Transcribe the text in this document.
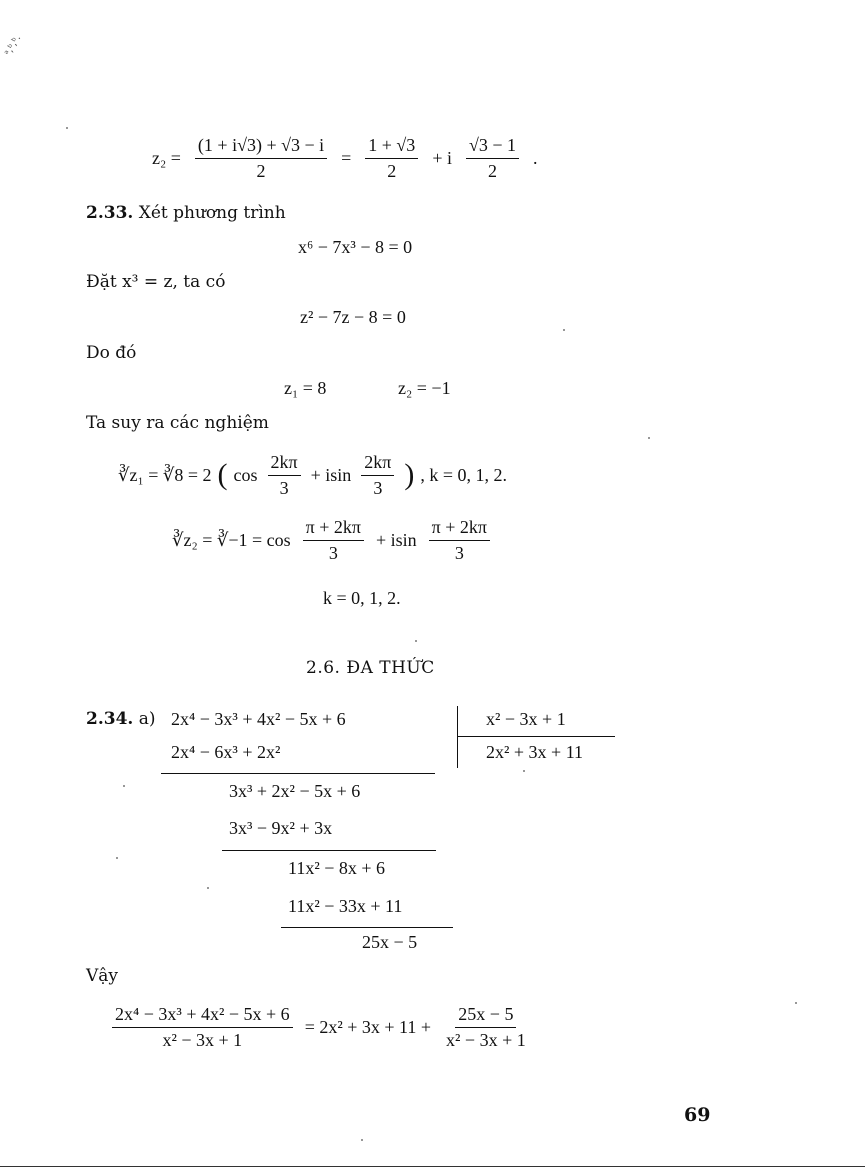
ᵃ,ᵇ,ᵇ.
$z_2 = \frac{(1 + i√3) + √3 - i}{2} = \frac{1 + √3}{2} + i \frac{√3 - 1}{2}$ .
2.33. Xét phương trình
x⁶ − 7x³ − 8 = 0
Đặt x³ = z, ta có
z² − 7z − 8 = 0
Do đó
z₁ = 8	z₂ = −1
Ta suy ra các nghiệm
∛z₁ = ∛8 = 2 ( $\cos \frac{2k\pi}{3} + isin \frac{2k\pi}{3}$ ) , k = 0, 1, 2.
∛z₂ = ∛−1 = $\cos \frac{\pi + 2k\pi}{3} + isin \frac{\pi + 2k\pi}{3}$
k = 0, 1, 2.
2.6. ĐA THỨC
2.34. a) 2x⁴ − 3x³ + 4x² − 5x + 6	x² − 3x + 1
2x² + 3x + 11
2x⁴ − 6x³ + 2x²
3x³ + 2x² − 5x + 6
3x³ − 9x² + 3x
11x² − 8x + 6
11x² − 33x + 11
25x − 5
Vậy
$\frac{\text{2x⁴ − 3x³ + 4x² − 5x + 6}}{\text{x² − 3x + 1}} = 2x^2 + 3x + 11 + \frac{25x - 5}{\text{x² − 3x + 1}}$
69
